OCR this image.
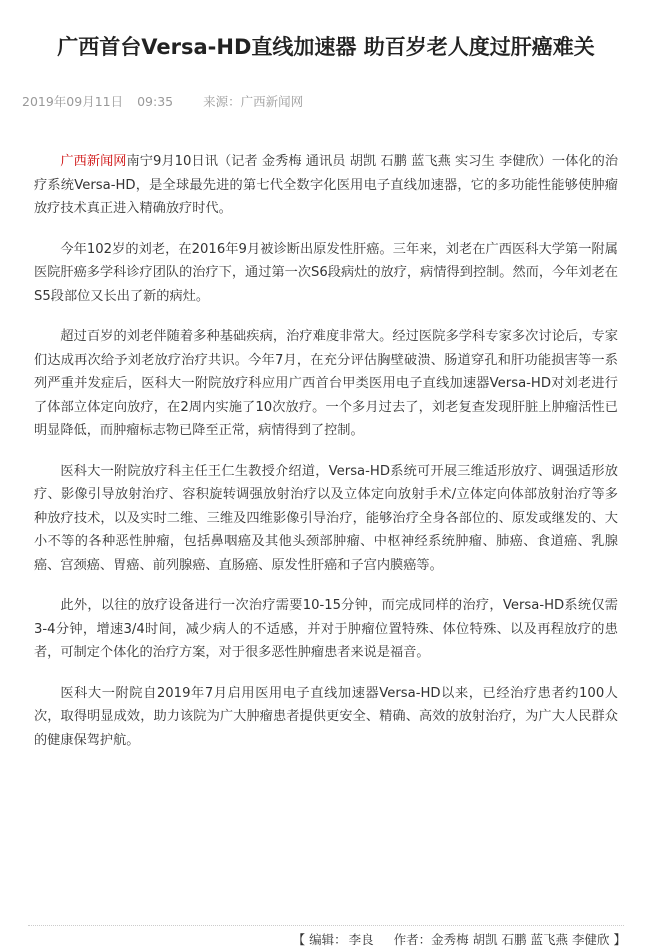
广西首台Versa-HD直线加速器 助百岁老人度过肝癌难关
2019年09月11日 09:35 来源：广西新闻网

广西新闻网南宁9月10日讯（记者 金秀梅 通讯员 胡凯 石鹏 蓝飞燕 实习生 李健欣）一体化的治疗系统Versa-HD，是全球最先进的第七代全数字化医用电子直线加速器，它的多功能性能够使肿瘤放疗技术真正进入精确放疗时代。

今年102岁的刘老，在2016年9月被诊断出原发性肝癌。三年来，刘老在广西医科大学第一附属医院肝癌多学科诊疗团队的治疗下，通过第一次S6段病灶的放疗，病情得到控制。然而，今年刘老在S5段部位又长出了新的病灶。

超过百岁的刘老伴随着多种基础疾病，治疗难度非常大。经过医院多学科专家多次讨论后，专家们达成再次给予刘老放疗治疗共识。今年7月，在充分评估胸壁破溃、肠道穿孔和肝功能损害等一系列严重并发症后，医科大一附院放疗科应用广西首台甲类医用电子直线加速器Versa-HD对刘老进行了体部立体定向放疗，在2周内实施了10次放疗。一个多月过去了，刘老复查发现肝脏上肿瘤活性已明显降低，而肿瘤标志物已降至正常，病情得到了控制。

医科大一附院放疗科主任王仁生教授介绍道，Versa-HD系统可开展三维适形放疗、调强适形放疗、影像引导放射治疗、容积旋转调强放射治疗以及立体定向放射手术/立体定向体部放射治疗等多种放疗技术，以及实时二维、三维及四维影像引导治疗，能够治疗全身各部位的、原发或继发的、大小不等的各种恶性肿瘤，包括鼻咽癌及其他头颈部肿瘤、中枢神经系统肿瘤、肺癌、食道癌、乳腺癌、宫颈癌、胃癌、前列腺癌、直肠癌、原发性肝癌和子宫内膜癌等。

此外，以往的放疗设备进行一次治疗需要10-15分钟，而完成同样的治疗，Versa-HD系统仅需3-4分钟，增速3/4时间，减少病人的不适感，并对于肿瘤位置特殊、体位特殊、以及再程放疗的患者，可制定个体化的治疗方案，对于很多恶性肿瘤患者来说是福音。

医科大一附院自2019年7月启用医用电子直线加速器Versa-HD以来，已经治疗患者约100人次，取得明显成效，助力该院为广大肿瘤患者提供更安全、精确、高效的放射治疗，为广大人民群众的健康保驾护航。

【 编辑： 李良 作者：金秀梅 胡凯 石鹏 蓝飞燕 李健欣 】
